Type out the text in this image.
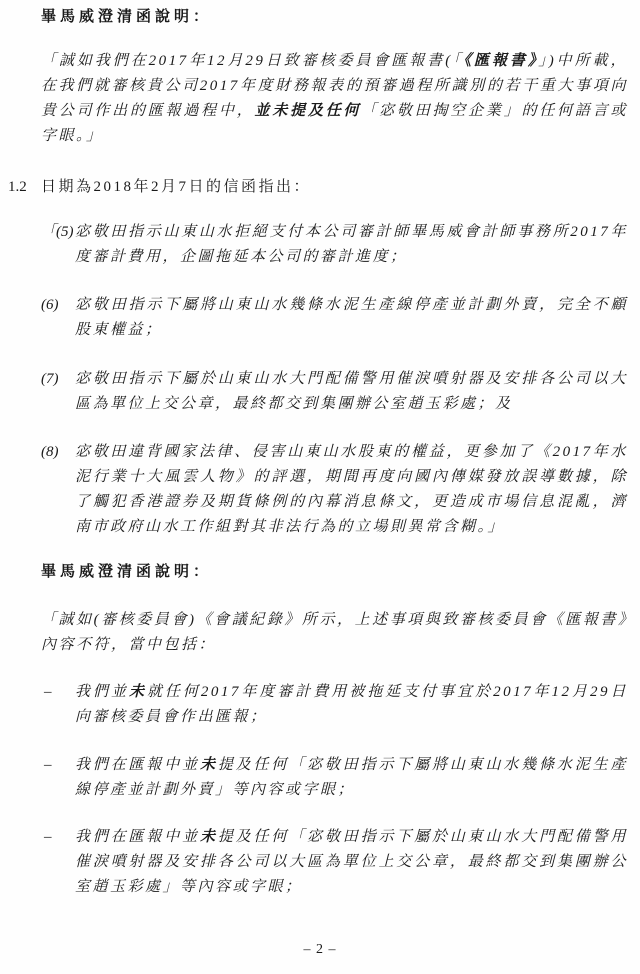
畢馬威澄清函說明：

「誠如我們在2017年12月29日致審核委員會匯報書(「《匯報書》」)中所載，在我們就審核貴公司2017年度財務報表的預審過程所識別的若干重大事項向貴公司作出的匯報過程中，並未提及任何「宓敬田掏空企業」的任何語言或字眼。」

1.2 日期為2018年2月7日的信函指出：
「(5) 宓敬田指示山東山水拒絕支付本公司審計師畢馬威會計師事務所2017年度審計費用，企圖拖延本公司的審計進度；
(6)	宓敬田指示下屬將山東山水幾條水泥生產線停產並計劃外賣，完全不顧股東權益；
(7)	宓敬田指示下屬於山東山水大門配備警用催淚噴射器及安排各公司以大區為單位上交公章，最終都交到集團辦公室趙玉彩處；及
(8)	宓敬田違背國家法律、侵害山東山水股東的權益，更參加了《2017年水泥行業十大風雲人物》的評選，期間再度向國內傳媒發放誤導數據，除了觸犯香港證券及期貨條例的內幕消息條文，更造成市場信息混亂，濟南市政府山水工作組對其非法行為的立場則異常含糊。」
畢馬威澄清函說明：

「誠如(審核委員會)《會議紀錄》所示，上述事項與致審核委員會《匯報書》內容不符，當中包括：

–	我們並未就任何2017年度審計費用被拖延支付事宜於2017年12月29日向審核委員會作出匯報；
–	我們在匯報中並未提及任何「宓敬田指示下屬將山東山水幾條水泥生產線停產並計劃外賣」等內容或字眼；
–	我們在匯報中並未提及任何「宓敬田指示下屬於山東山水大門配備警用催淚噴射器及安排各公司以大區為單位上交公章，最終都交到集團辦公室趙玉彩處」等內容或字眼；
– 2 –
